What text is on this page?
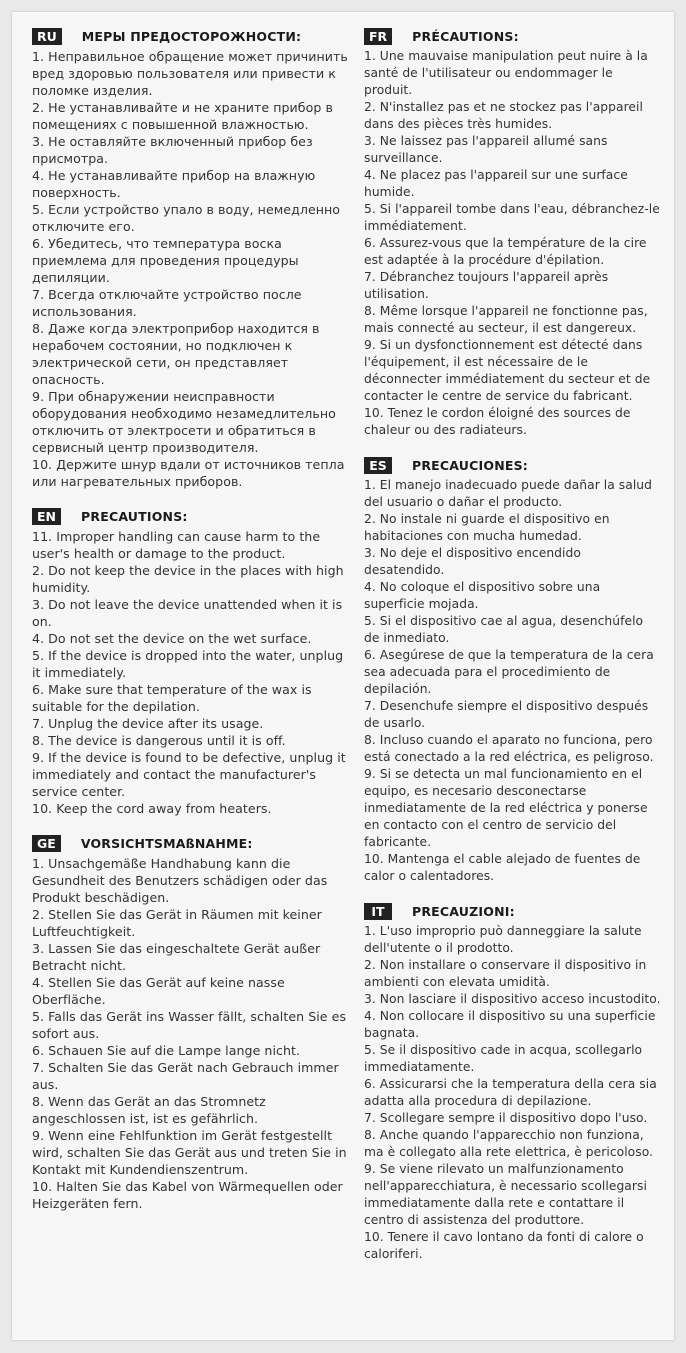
RU	МЕРЫ ПРЕДОСТОРОЖНОСТИ:
1. Неправильное обращение может причинить вред здоровью пользователя или привести к поломке изделия.
2. Не устанавливайте и не храните прибор в помещениях с повышенной влажностью.
3. Не оставляйте включенный прибор без присмотра.
4. Не устанавливайте прибор на влажную поверхность.
5. Если устройство упало в воду, немедленно отключите его.
6. Убедитесь, что температура воска приемлема для проведения процедуры депиляции.
7. Всегда отключайте устройство после использования.
8. Даже когда электроприбор находится в нерабочем состоянии, но подключен к электрической сети, он представляет опасность.
9. При обнаружении неисправности оборудования необходимо незамедлительно отключить от электросети и обратиться в сервисный центр производителя.
10. Держите шнур вдали от источников тепла или нагревательных приборов.
EN	PRECAUTIONS:
11. Improper handling can cause harm to the user's health or damage to the product.
2. Do not keep the device in the places with high humidity.
3. Do not leave the device unattended when it is on.
4. Do not set the device on the wet surface.
5. If the device is dropped into the water, unplug it immediately.
6. Make sure that temperature of the wax is suitable for the depilation.
7. Unplug the device after its usage.
8. The device is dangerous until it is off.
9. If the device is found to be defective, unplug it immediately and contact the manufacturer's service center.
10. Keep the cord away from heaters.
GE	VORSICHTSMAßNAHME:
1. Unsachgemäße Handhabung kann die Gesundheit des Benutzers schädigen oder das Produkt beschädigen.
2. Stellen Sie das Gerät in Räumen mit keiner Luftfeuchtigkeit.
3. Lassen Sie das eingeschaltete Gerät außer Betracht nicht.
4. Stellen Sie das Gerät auf keine nasse Oberfläche.
5. Falls das Gerät ins Wasser fällt, schalten Sie es sofort aus.
6. Schauen Sie auf die Lampe lange nicht.
7. Schalten Sie das Gerät nach Gebrauch immer aus.
8. Wenn das Gerät an das Stromnetz angeschlossen ist, ist es gefährlich.
9. Wenn eine Fehlfunktion im Gerät festgestellt wird, schalten Sie das Gerät aus und treten Sie in Kontakt mit Kundendienszentrum.
10. Halten Sie das Kabel von Wärmequellen oder Heizgeräten fern.
FR	PRÉCAUTIONS:
1. Une mauvaise manipulation peut nuire à la santé de l'utilisateur ou endommager le produit.
2. N'installez pas et ne stockez pas l'appareil dans des pièces très humides.
3. Ne laissez pas l'appareil allumé sans surveillance.
4. Ne placez pas l'appareil sur une surface humide.
5. Si l'appareil tombe dans l'eau, débranchez-le immédiatement.
6. Assurez-vous que la température de la cire est adaptée à la procédure d'épilation.
7. Débranchez toujours l'appareil après utilisation.
8. Même lorsque l'appareil ne fonctionne pas, mais connecté au secteur, il est dangereux.
9. Si un dysfonctionnement est détecté dans l'équipement, il est nécessaire de le déconnecter immédiatement du secteur et de contacter le centre de service du fabricant.
10. Tenez le cordon éloigné des sources de chaleur ou des radiateurs.
ES	PRECAUCIONES:
1. El manejo inadecuado puede dañar la salud del usuario o dañar el producto.
2. No instale ni guarde el dispositivo en habitaciones con mucha humedad.
3. No deje el dispositivo encendido desatendido.
4. No coloque el dispositivo sobre una superficie mojada.
5. Si el dispositivo cae al agua, desenchúfelo de inmediato.
6. Asegúrese de que la temperatura de la cera sea adecuada para el procedimiento de depilación.
7. Desenchufe siempre el dispositivo después de usarlo.
8. Incluso cuando el aparato no funciona, pero está conectado a la red eléctrica, es peligroso.
9. Si se detecta un mal funcionamiento en el equipo, es necesario desconectarse inmediatamente de la red eléctrica y ponerse en contacto con el centro de servicio del fabricante.
10. Mantenga el cable alejado de fuentes de calor o calentadores.
IT	PRECAUZIONI:
1. L'uso improprio può danneggiare la salute dell'utente o il prodotto.
2. Non installare o conservare il dispositivo in ambienti con elevata umidità.
3. Non lasciare il dispositivo acceso incustodito.
4. Non collocare il dispositivo su una superficie bagnata.
5. Se il dispositivo cade in acqua, scollegarlo immediatamente.
6. Assicurarsi che la temperatura della cera sia adatta alla procedura di depilazione.
7. Scollegare sempre il dispositivo dopo l'uso.
8. Anche quando l'apparecchio non funziona, ma è collegato alla rete elettrica, è pericoloso.
9. Se viene rilevato un malfunzionamento nell'apparecchiatura, è necessario scollegarsi immediatamente dalla rete e contattare il centro di assistenza del produttore.
10. Tenere il cavo lontano da fonti di calore o caloriferi.
